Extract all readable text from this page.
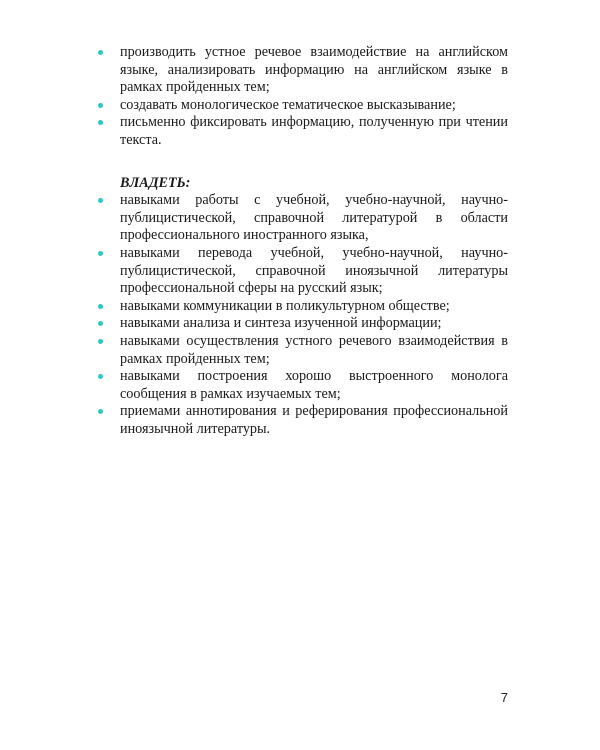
производить устное речевое взаимодействие на английском языке, анализировать информацию на английском языке в рамках пройденных тем;
создавать монологическое тематическое высказывание;
письменно фиксировать информацию, полученную при чтении текста.
ВЛАДЕТЬ:
навыками работы с учебной, учебно-научной, научно-публицистической, справочной литературой в области профессионального иностранного языка,
навыками перевода учебной, учебно-научной, научно-публицистической, справочной иноязычной литературы профессиональной сферы на русский язык;
навыками коммуникации в поликультурном обществе;
навыками анализа и синтеза изученной информации;
навыками осуществления устного речевого взаимодействия в рамках пройденных тем;
навыками построения хорошо выстроенного монолога сообщения в рамках изучаемых тем;
приемами аннотирования и реферирования профессиональной иноязычной литературы.
7
